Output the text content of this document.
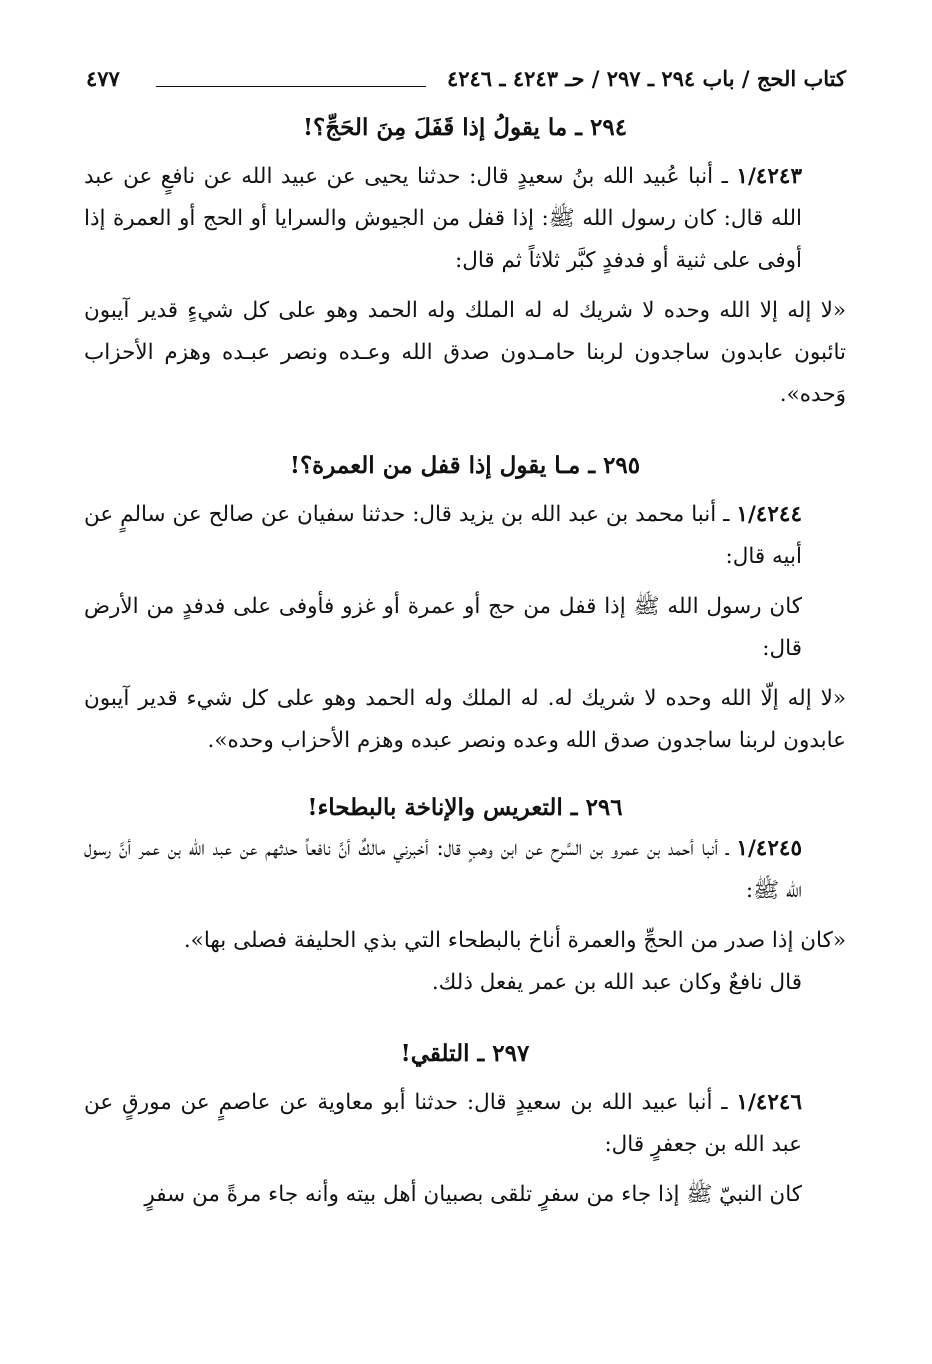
كتاب الحج / باب ٢٩٤ ـ ٢٩٧ / حـ ٤٢٤٣ ـ ٤٢٤٦
٤٧٧
٢٩٤ ـ ما يقولُ إذا قَفَلَ مِنَ الحَجِّ؟!

١/٤٢٤٣ ـ أنبا عُبيد الله بنُ سعيدٍ قال: حدثنا يحيى عن عبيد الله عن نافعٍ عن عبد الله قال: كان رسول الله ﷺ: إذا قفل من الجيوش والسرايا أو الحج أو العمرة إذا أوفى على ثنية أو فدفدٍ كبَّر ثلاثاً ثم قال:

«لا إله إلا الله وحده لا شريك له له الملك وله الحمد وهو على كل شيءٍ قدير آيبون تائبون عابدون ساجدون لربنا حامـدون صدق الله وعـده ونصر عبـده وهزم الأحزاب وَحده».

٢٩٥ ـ مـا يقول إذا قفل من العمرة؟!

١/٤٢٤٤ ـ أنبا محمد بن عبد الله بن يزيد قال: حدثنا سفيان عن صالح عن سالمٍ عن أبيه قال:

كان رسول الله ﷺ إذا قفل من حج أو عمرة أو غزو فأوفى على فدفدٍ من الأرض قال:

«لا إله إلّا الله وحده لا شريك له. له الملك وله الحمد وهو على كل شيء قدير آيبون عابدون لربنا ساجدون صدق الله وعده ونصر عبده وهزم الأحزاب وحده».

٢٩٦ ـ التعريس والإناخة بالبطحاء!

١/٤٢٤٥ ـ أنبا أحمد بن عمرو بن السَّرح عن ابن وهبٍ قال: أخبرني مالكٌ أنَّ نافعاً حدثهم عن عبد الله بن عمر أنَّ رسول الله ﷺ:

«كان إذا صدر من الحجِّ والعمرة أناخ بالبطحاء التي بذي الحليفة فصلى بها».

قال نافعٌ وكان عبد الله بن عمر يفعل ذلك.

٢٩٧ ـ التلقي!

١/٤٢٤٦ ـ أنبا عبيد الله بن سعيدٍ قال: حدثنا أبو معاوية عن عاصمٍ عن مورقٍ عن عبد الله بن جعفرٍ قال:

كان النبيّ ﷺ إذا جاء من سفرٍ تلقى بصبيان أهل بيته وأنه جاء مرةً من سفرٍ
